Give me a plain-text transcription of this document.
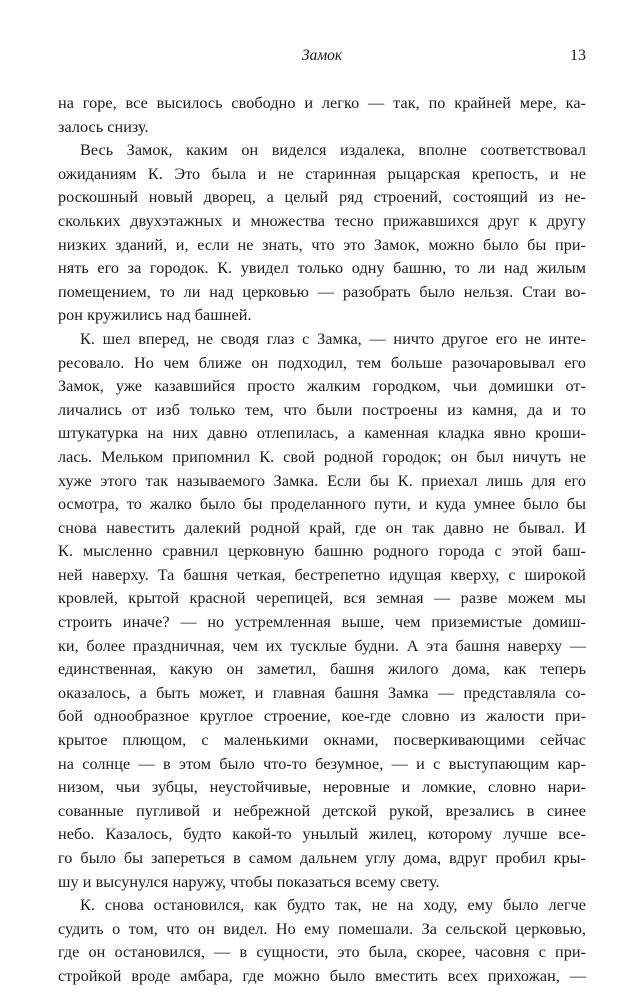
Замок	13
на горе, все высилось свободно и легко — так, по крайней мере, ка-
залось снизу.
Весь Замок, каким он виделся издалека, вполне соответствовал
ожиданиям К. Это была и не старинная рыцарская крепость, и не
роскошный новый дворец, а целый ряд строений, состоящий из не-
скольких двухэтажных и множества тесно прижавшихся друг к другу
низких зданий, и, если не знать, что это Замок, можно было бы при-
нять его за городок. К. увидел только одну башню, то ли над жилым
помещением, то ли над церковью — разобрать было нельзя. Стаи во-
рон кружились над башней.
К. шел вперед, не сводя глаз с Замка, — ничто другое его не инте-
ресовало. Но чем ближе он подходил, тем больше разочаровывал его
Замок, уже казавшийся просто жалким городком, чьи домишки от-
личались от изб только тем, что были построены из камня, да и то
штукатурка на них давно отлепилась, а каменная кладка явно кроши-
лась. Мельком припомнил К. свой родной городок; он был ничуть не
хуже этого так называемого Замка. Если бы К. приехал лишь для его
осмотра, то жалко было бы проделанного пути, и куда умнее было бы
снова навестить далекий родной край, где он так давно не бывал. И
К. мысленно сравнил церковную башню родного города с этой баш-
ней наверху. Та башня четкая, бестрепетно идущая кверху, с широкой
кровлей, крытой красной черепицей, вся земная — разве можем мы
строить иначе? — но устремленная выше, чем приземистые домиш-
ки, более праздничная, чем их тусклые будни. А эта башня наверху —
единственная, какую он заметил, башня жилого дома, как теперь
оказалось, а быть может, и главная башня Замка — представляла со-
бой однообразное круглое строение, кое-где словно из жалости при-
крытое плющом, с маленькими окнами, посверкивающими сейчас
на солнце — в этом было что-то безумное, — и с выступающим кар-
низом, чьи зубцы, неустойчивые, неровные и ломкие, словно нари-
сованные пугливой и небрежной детской рукой, врезались в синее
небо. Казалось, будто какой-то унылый жилец, которому лучше все-
го было бы запереться в самом дальнем углу дома, вдруг пробил кры-
шу и высунулся наружу, чтобы показаться всему свету.
К. снова остановился, как будто так, не на ходу, ему было легче
судить о том, что он видел. Но ему помешали. За сельской церковью,
где он остановился, — в сущности, это была, скорее, часовня с при-
стройкой вроде амбара, где можно было вместить всех прихожан, —
